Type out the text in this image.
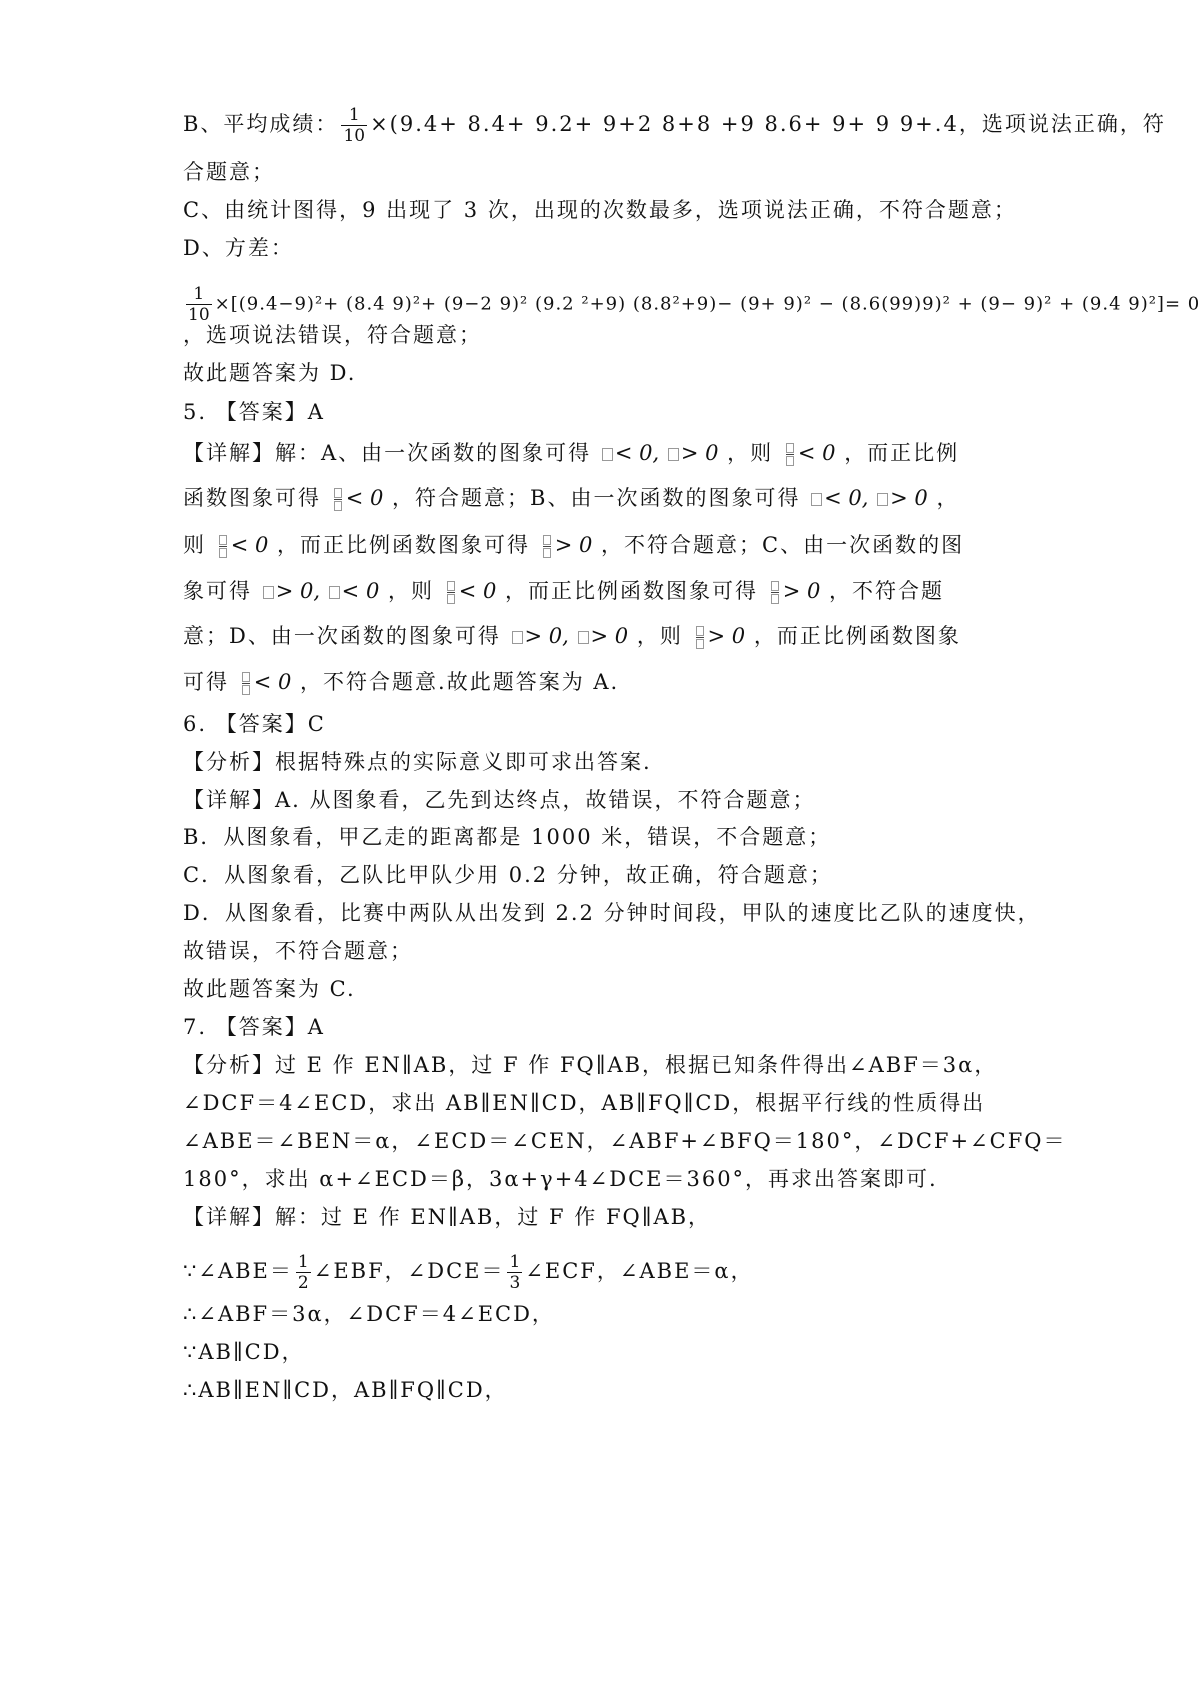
B、平均成绩： $\frac{1}{10} \times(9.4+ 8.4+ 9.2+ 9+2$ 8+8 +9 8.6+ 9+ 9 9+.4，选项说法正确，符
合题意；
C、由统计图得，9 出现了 3 次，出现的次数最多，选项说法正确，不符合题意；
D、方差：
$\frac{1}{10} \times[(9.4-9)^2+ (8.4$ 9)²+ (9−2 9)² (9.2 ²+9) (8.8²+9)− (9+ 9)² − (8.6(99)9)² + (9− 9)² + (9.4 9)²]= 0
，选项说法错误，符合题意；
故此题答案为 D.
5. 【答案】A
【详解】解：A、由一次函数的图象可得 < 0, > 0 ，则 < 0 ，而正比例
函数图象可得 < 0 ，符合题意；B、由一次函数的图象可得 < 0, > 0 ，
则 < 0 ，而正比例函数图象可得 > 0 ，不符合题意；C、由一次函数的图
象可得 > 0, < 0 ，则 < 0 ，而正比例函数图象可得 > 0 ，不符合题
意；D、由一次函数的图象可得 > 0, > 0 ，则 > 0 ，而正比例函数图象
可得 < 0 ，不符合题意.故此题答案为 A.
6. 【答案】C
【分析】根据特殊点的实际意义即可求出答案.
【详解】A. 从图象看，乙先到达终点，故错误，不符合题意；
B．从图象看，甲乙走的距离都是 1000 米，错误，不合题意；
C．从图象看，乙队比甲队少用 0.2 分钟，故正确，符合题意；
D．从图象看，比赛中两队从出发到 2.2 分钟时间段，甲队的速度比乙队的速度快，
故错误，不符合题意；
故此题答案为 C.
7. 【答案】A
【分析】过 E 作 EN∥AB，过 F 作 FQ∥AB，根据已知条件得出∠ABF＝3α，
∠DCF＝4∠ECD，求出 AB∥EN∥CD，AB∥FQ∥CD，根据平行线的性质得出
∠ABE＝∠BEN＝α，∠ECD＝∠CEN，∠ABF+∠BFQ＝180°，∠DCF+∠CFQ＝
180°，求出 α+∠ECD＝β，3α+γ+4∠DCE＝360°，再求出答案即可.
【详解】解：过 E 作 EN∥AB，过 F 作 FQ∥AB，
∵∠ABE＝ $\frac{1}{2}$ ∠EBF，∠DCE＝ $\frac{1}{3}$ ∠ECF，∠ABE＝α，
∴∠ABF＝3α，∠DCF＝4∠ECD，
∵AB∥CD，
∴AB∥EN∥CD，AB∥FQ∥CD，
